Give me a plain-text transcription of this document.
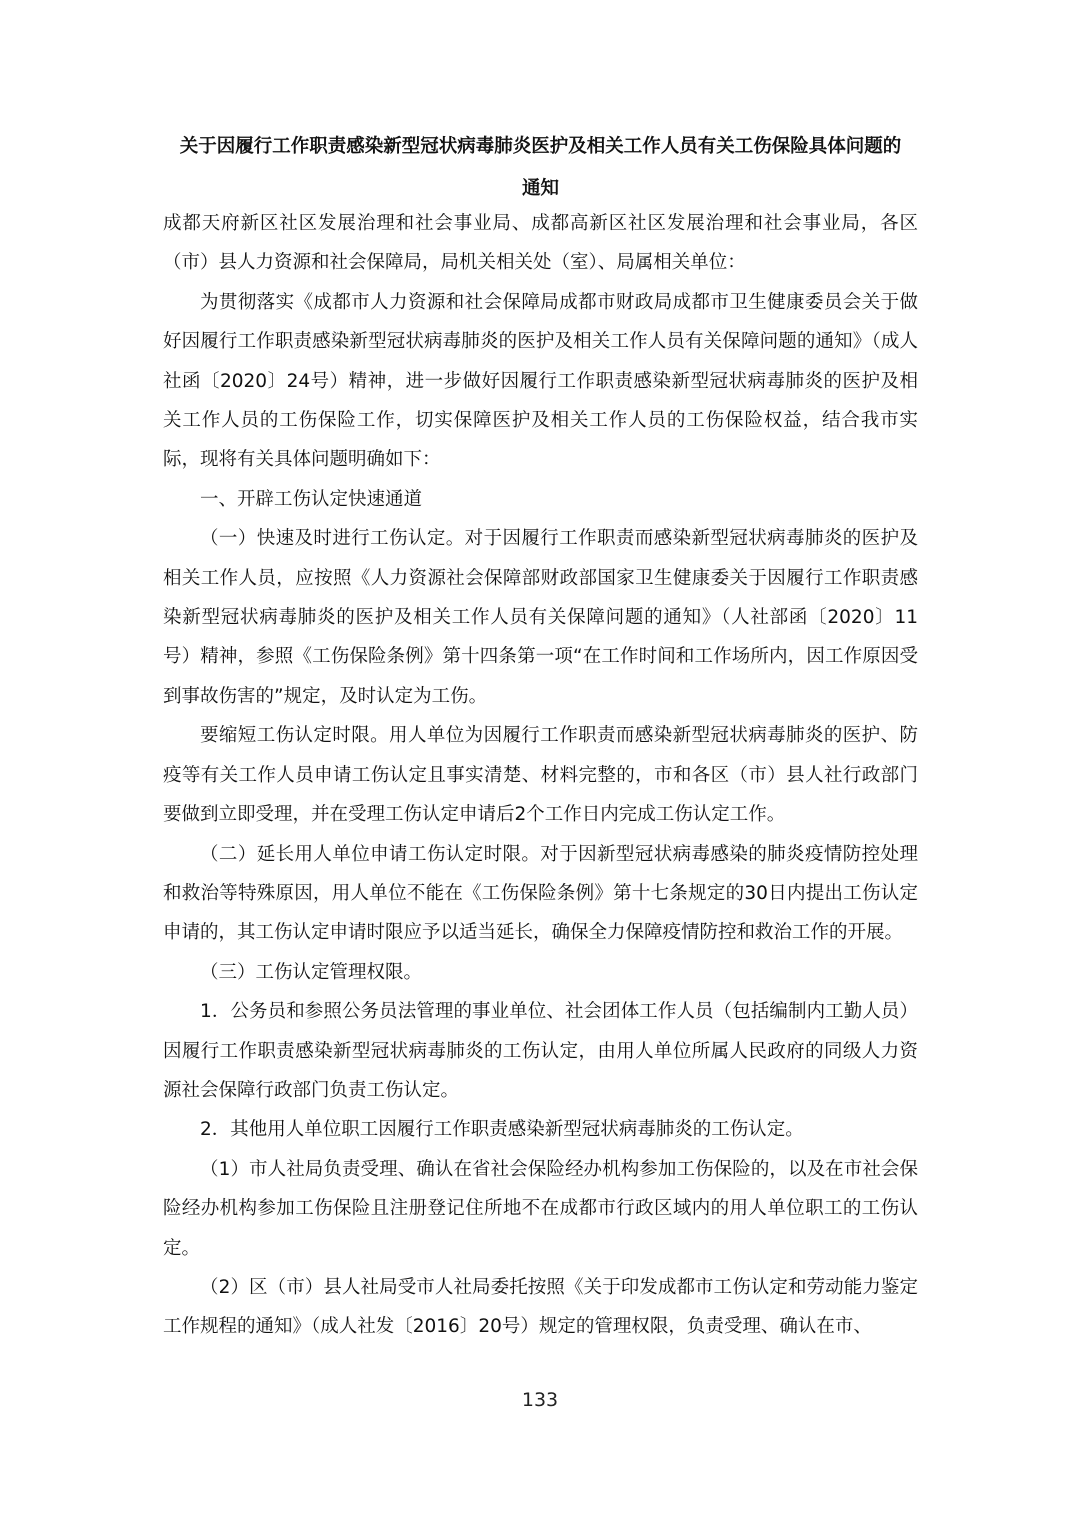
关于因履行工作职责感染新型冠状病毒肺炎医护及相关工作人员有关工伤保险具体问题的
通知

成都天府新区社区发展治理和社会事业局、成都高新区社区发展治理和社会事业局，各区（市）县人力资源和社会保障局，局机关相关处（室）、局属相关单位：

为贯彻落实《成都市人力资源和社会保障局成都市财政局成都市卫生健康委员会关于做好因履行工作职责感染新型冠状病毒肺炎的医护及相关工作人员有关保障问题的通知》（成人社函〔2020〕24号）精神，进一步做好因履行工作职责感染新型冠状病毒肺炎的医护及相关工作人员的工伤保险工作，切实保障医护及相关工作人员的工伤保险权益，结合我市实际，现将有关具体问题明确如下：

一、开辟工伤认定快速通道

（一）快速及时进行工伤认定。对于因履行工作职责而感染新型冠状病毒肺炎的医护及相关工作人员，应按照《人力资源社会保障部财政部国家卫生健康委关于因履行工作职责感染新型冠状病毒肺炎的医护及相关工作人员有关保障问题的通知》（人社部函〔2020〕11号）精神，参照《工伤保险条例》第十四条第一项“在工作时间和工作场所内，因工作原因受到事故伤害的”规定，及时认定为工伤。

要缩短工伤认定时限。用人单位为因履行工作职责而感染新型冠状病毒肺炎的医护、防疫等有关工作人员申请工伤认定且事实清楚、材料完整的，市和各区（市）县人社行政部门要做到立即受理，并在受理工伤认定申请后2个工作日内完成工伤认定工作。

（二）延长用人单位申请工伤认定时限。对于因新型冠状病毒感染的肺炎疫情防控处理和救治等特殊原因，用人单位不能在《工伤保险条例》第十七条规定的30日内提出工伤认定申请的，其工伤认定申请时限应予以适当延长，确保全力保障疫情防控和救治工作的开展。

（三）工伤认定管理权限。

1．公务员和参照公务员法管理的事业单位、社会团体工作人员（包括编制内工勤人员）因履行工作职责感染新型冠状病毒肺炎的工伤认定，由用人单位所属人民政府的同级人力资源社会保障行政部门负责工伤认定。

2．其他用人单位职工因履行工作职责感染新型冠状病毒肺炎的工伤认定。

（1）市人社局负责受理、确认在省社会保险经办机构参加工伤保险的，以及在市社会保险经办机构参加工伤保险且注册登记住所地不在成都市行政区域内的用人单位职工的工伤认定。

（2）区（市）县人社局受市人社局委托按照《关于印发成都市工伤认定和劳动能力鉴定工作规程的通知》（成人社发〔2016〕20号）规定的管理权限，负责受理、确认在市、

133
